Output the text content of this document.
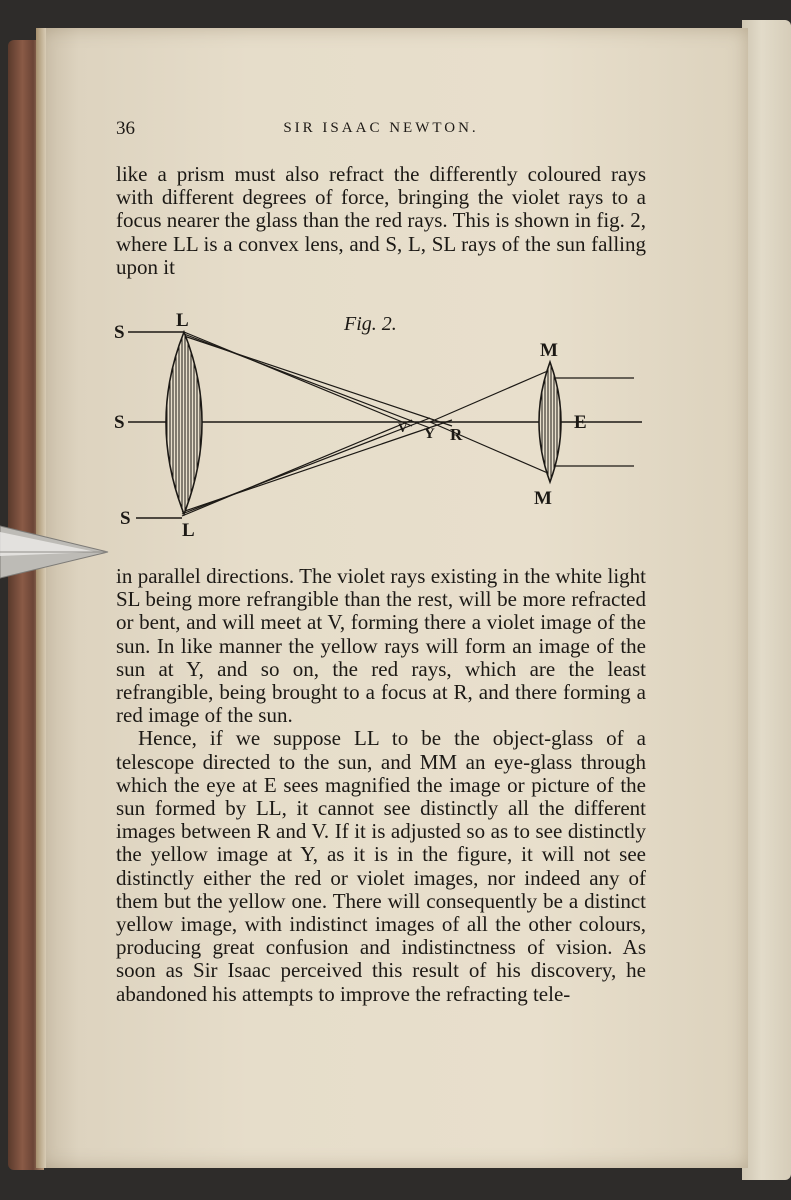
36	SIR ISAAC NEWTON.

like a prism must also refract the differently coloured rays with different degrees of force, bringing the violet rays to a focus nearer the glass than the red rays. This is shown in fig. 2, where LL is a convex lens, and S, L, SL rays of the sun falling upon it

Fig. 2.
S
L
S
S
L
M
M
V Y R
E

in parallel directions. The violet rays existing in the white light SL being more refrangible than the rest, will be more refracted or bent, and will meet at V, forming there a violet image of the sun. In like manner the yellow rays will form an image of the sun at Y, and so on, the red rays, which are the least refrangible, being brought to a focus at R, and there forming a red image of the sun.

Hence, if we suppose LL to be the object-glass of a telescope directed to the sun, and MM an eye-glass through which the eye at E sees magnified the image or picture of the sun formed by LL, it cannot see distinctly all the different images between R and V. If it is adjusted so as to see distinctly the yellow image at Y, as it is in the figure, it will not see distinctly either the red or violet images, nor indeed any of them but the yellow one. There will consequently be a distinct yellow image, with indistinct images of all the other colours, producing great confusion and indistinctness of vision. As soon as Sir Isaac perceived this result of his discovery, he abandoned his attempts to improve the refracting tele-
